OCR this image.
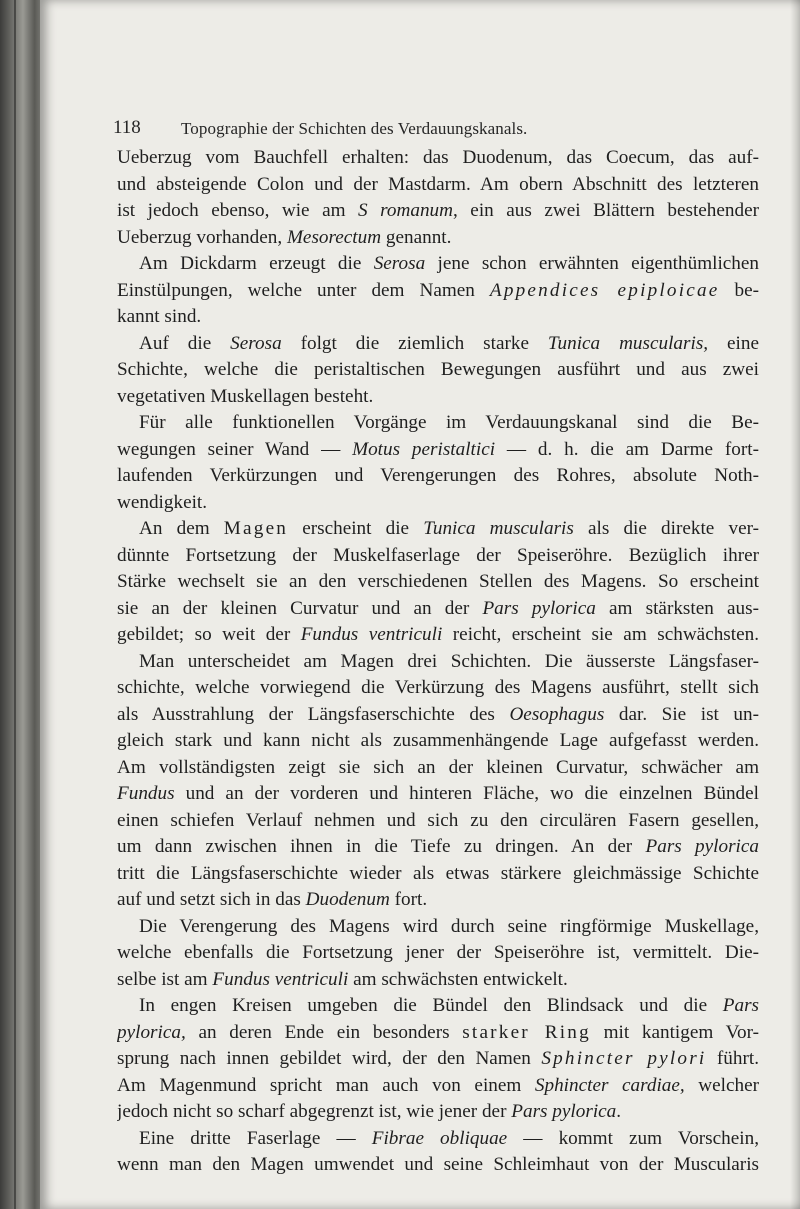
118 Topographie der Schichten des Verdauungskanals.
Ueberzug vom Bauchfell erhalten: das Duodenum, das Coecum, das auf-
und absteigende Colon und der Mastdarm. Am obern Abschnitt des letzteren
ist jedoch ebenso, wie am S romanum, ein aus zwei Blättern bestehender
Ueberzug vorhanden, Mesorectum genannt.
Am Dickdarm erzeugt die Serosa jene schon erwähnten eigenthümlichen
Einstülpungen, welche unter dem Namen Appendices epiploicae be-
kannt sind.
Auf die Serosa folgt die ziemlich starke Tunica muscularis, eine
Schichte, welche die peristaltischen Bewegungen ausführt und aus zwei
vegetativen Muskellagen besteht.
Für alle funktionellen Vorgänge im Verdauungskanal sind die Be-
wegungen seiner Wand — Motus peristaltici — d. h. die am Darme fort-
laufenden Verkürzungen und Verengerungen des Rohres, absolute Noth-
wendigkeit.
An dem Magen erscheint die Tunica muscularis als die direkte ver-
dünnte Fortsetzung der Muskelfaserlage der Speiseröhre. Bezüglich ihrer
Stärke wechselt sie an den verschiedenen Stellen des Magens. So erscheint
sie an der kleinen Curvatur und an der Pars pylorica am stärksten aus-
gebildet; so weit der Fundus ventriculi reicht, erscheint sie am schwächsten.
Man unterscheidet am Magen drei Schichten. Die äusserste Längsfaser-
schichte, welche vorwiegend die Verkürzung des Magens ausführt, stellt sich
als Ausstrahlung der Längsfaserschichte des Oesophagus dar. Sie ist un-
gleich stark und kann nicht als zusammenhängende Lage aufgefasst werden.
Am vollständigsten zeigt sie sich an der kleinen Curvatur, schwächer am
Fundus und an der vorderen und hinteren Fläche, wo die einzelnen Bündel
einen schiefen Verlauf nehmen und sich zu den circulären Fasern gesellen,
um dann zwischen ihnen in die Tiefe zu dringen. An der Pars pylorica
tritt die Längsfaserschichte wieder als etwas stärkere gleichmässige Schichte
auf und setzt sich in das Duodenum fort.
Die Verengerung des Magens wird durch seine ringförmige Muskellage,
welche ebenfalls die Fortsetzung jener der Speiseröhre ist, vermittelt. Die-
selbe ist am Fundus ventriculi am schwächsten entwickelt.
In engen Kreisen umgeben die Bündel den Blindsack und die Pars
pylorica, an deren Ende ein besonders starker Ring mit kantigem Vor-
sprung nach innen gebildet wird, der den Namen Sphincter pylori führt.
Am Magenmund spricht man auch von einem Sphincter cardiae, welcher
jedoch nicht so scharf abgegrenzt ist, wie jener der Pars pylorica.
Eine dritte Faserlage — Fibrae obliquae — kommt zum Vorschein,
wenn man den Magen umwendet und seine Schleimhaut von der Muscularis
